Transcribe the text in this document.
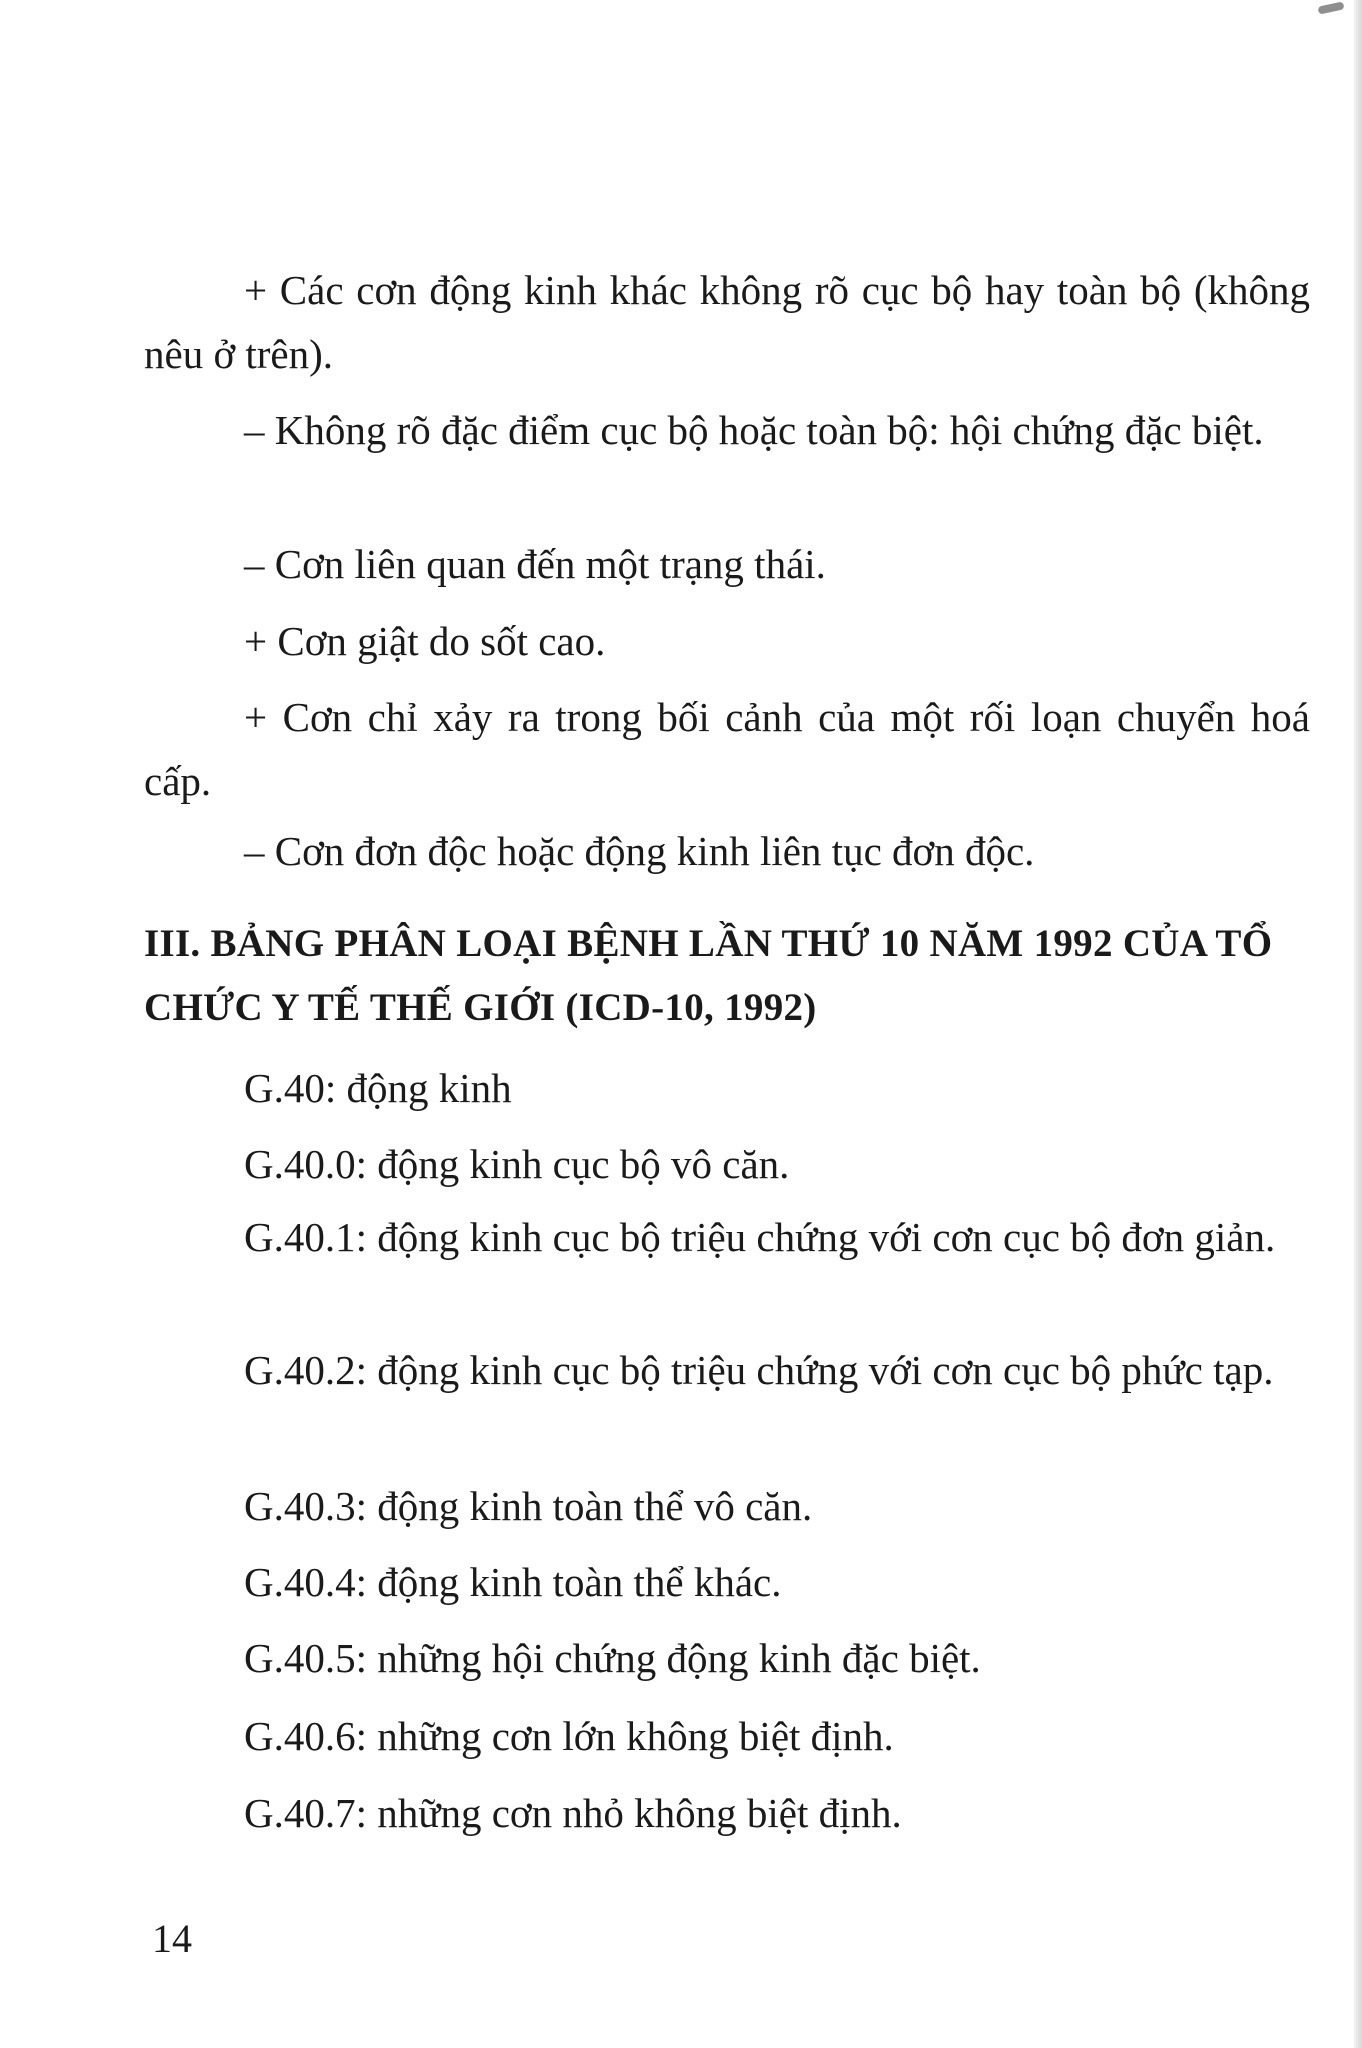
+ Các cơn động kinh khác không rõ cục bộ hay toàn bộ (không nêu ở trên).

– Không rõ đặc điểm cục bộ hoặc toàn bộ: hội chứng đặc biệt.

– Cơn liên quan đến một trạng thái.

+ Cơn giật do sốt cao.

+ Cơn chỉ xảy ra trong bối cảnh của một rối loạn chuyển hoá cấp.

– Cơn đơn độc hoặc động kinh liên tục đơn độc.

III. BẢNG PHÂN LOẠI BỆNH LẦN THỨ 10 NĂM 1992 CỦA TỔ CHỨC Y TẾ THẾ GIỚI (ICD-10, 1992)

G.40: động kinh

G.40.0: động kinh cục bộ vô căn.

G.40.1: động kinh cục bộ triệu chứng với cơn cục bộ đơn giản.

G.40.2: động kinh cục bộ triệu chứng với cơn cục bộ phức tạp.

G.40.3: động kinh toàn thể vô căn.

G.40.4: động kinh toàn thể khác.

G.40.5: những hội chứng động kinh đặc biệt.

G.40.6: những cơn lớn không biệt định.

G.40.7: những cơn nhỏ không biệt định.

14
